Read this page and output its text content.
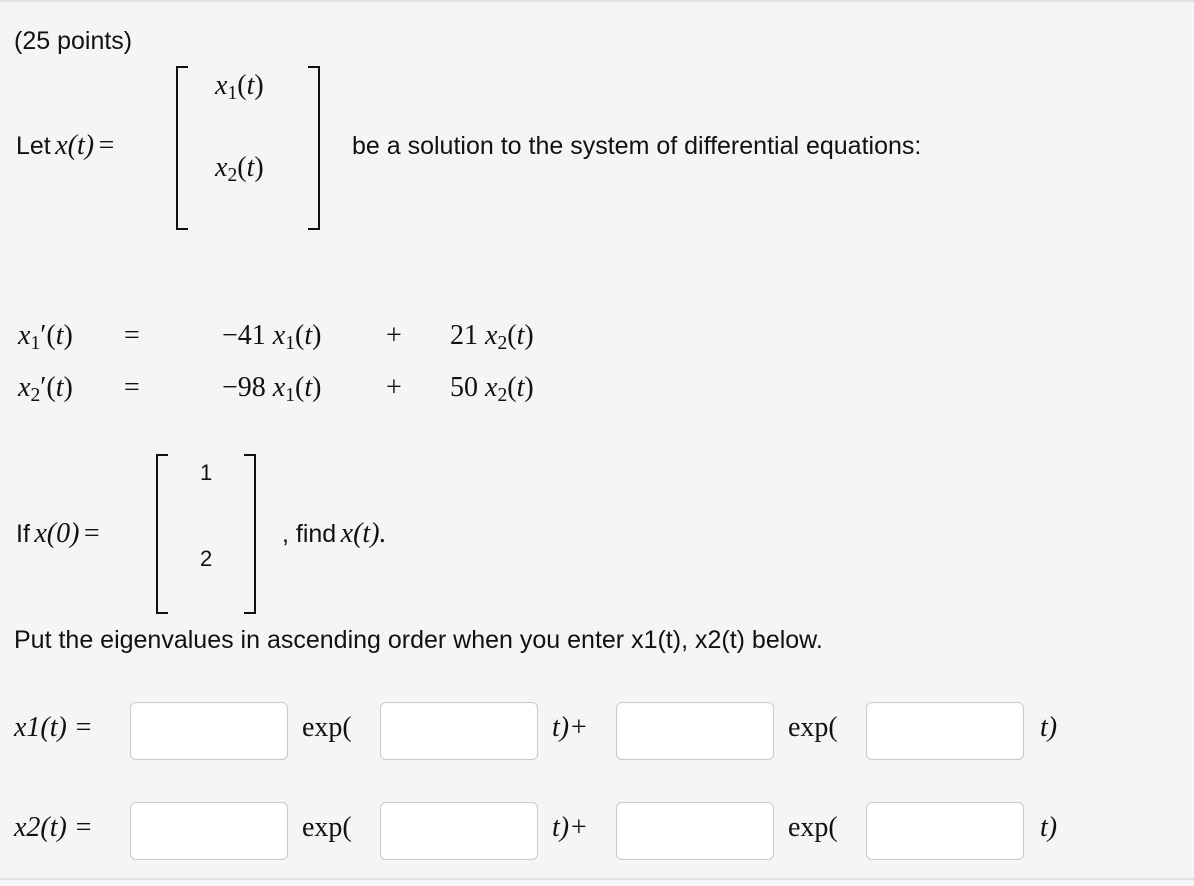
(25 points)
Let x(t) =
$x_1(t)$
$x_2(t)$
be a solution to the system of differential equations:
$x_1'(t)$ =	−41 $x_1(t) + 21$ $x_2(t)$
$x_2'(t)$ =	−98 $x_1(t) + 50$ $x_2(t)$
If x(0) =
1
2
, find x(t).
Put the eigenvalues in ascending order when you enter x1(t), x2(t) below.
x1(t) =	exp(	t)+	exp(	t)
x2(t) =	exp(	t)+	exp(	t)
